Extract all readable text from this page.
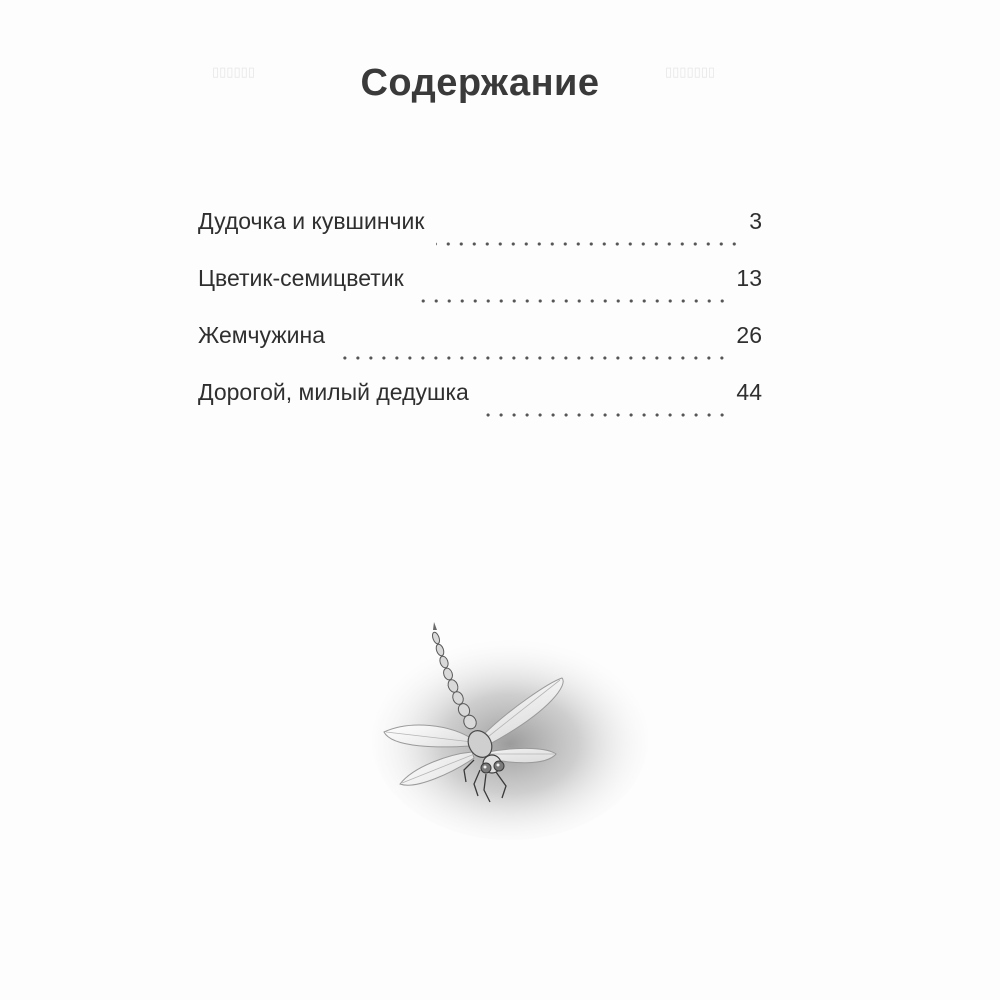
▯▯▯▯▯▯	▯▯▯▯▯▯▯
Содержание
Дудочка и кувшинчик	3
Цветик-семицветик	13
Жемчужина	26
Дорогой, милый дедушка	44
